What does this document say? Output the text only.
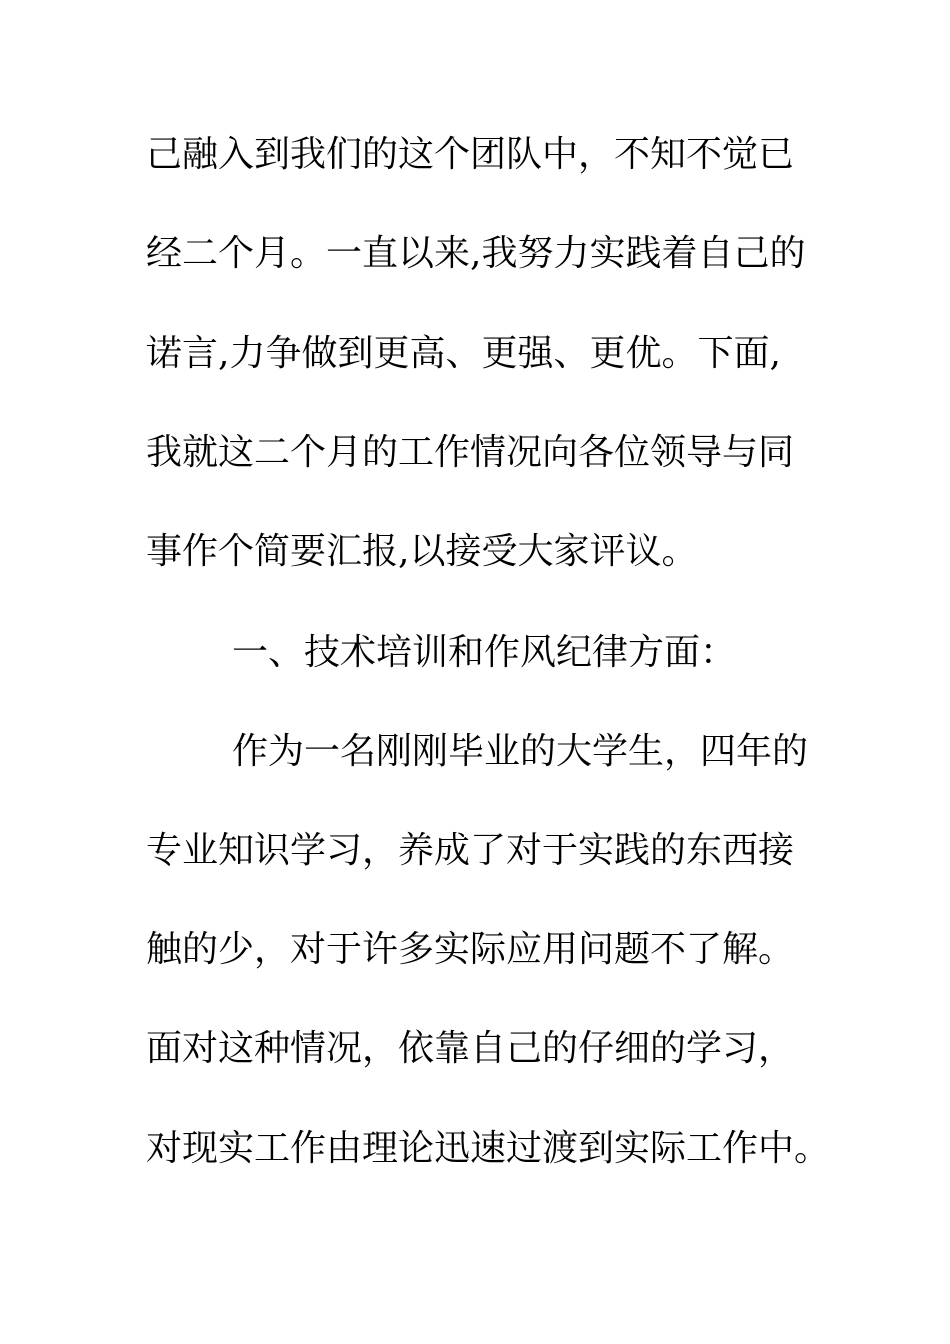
己融入到我们的这个团队中，不知不觉已
经二个月。一直以来,我努力实践着自己的
诺言,力争做到更高、更强、更优。下面,
我就这二个月的工作情况向各位领导与同
事作个简要汇报,以接受大家评议。
一、技术培训和作风纪律方面：
作为一名刚刚毕业的大学生，四年的
专业知识学习，养成了对于实践的东西接
触的少，对于许多实际应用问题不了解。
面对这种情况，依靠自己的仔细的学习，
对现实工作由理论迅速过渡到实际工作中。
